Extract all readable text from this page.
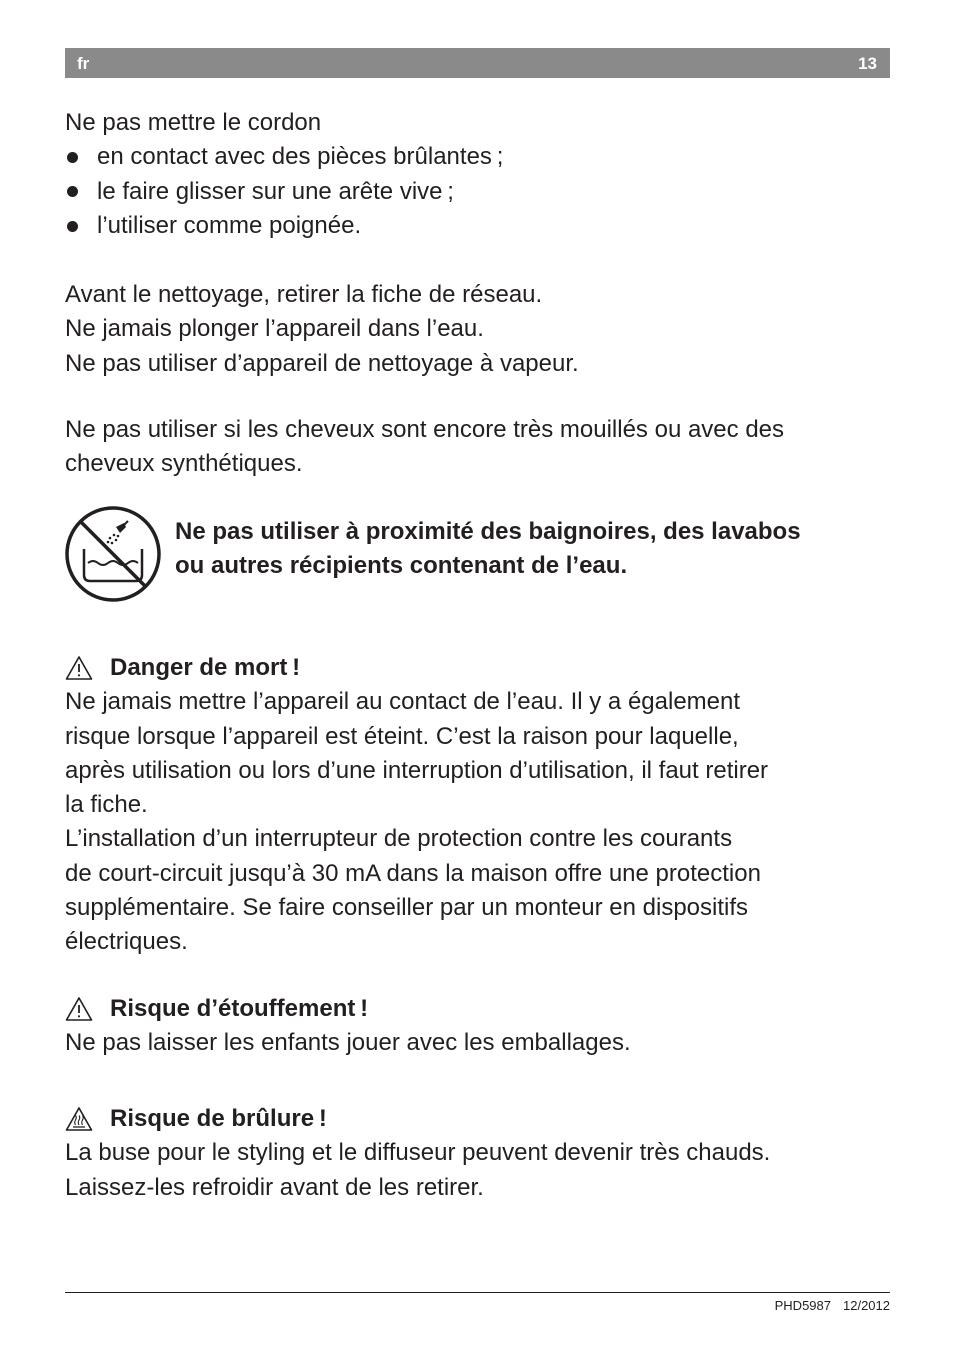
fr	13
Ne pas mettre le cordon
en contact avec des pièces brûlantes ;
le faire glisser sur une arête vive ;
l’utiliser comme poignée.
Avant le nettoyage, retirer la fiche de réseau.
Ne jamais plonger l’appareil dans l’eau.
Ne pas utiliser d’appareil de nettoyage à vapeur.
Ne pas utiliser si les cheveux sont encore très mouillés ou avec des
cheveux synthétiques.
Ne pas utiliser à proximité des baignoires, des lavabos
ou autres récipients contenant de l’eau.
Danger de mort !
Ne jamais mettre l’appareil au contact de l’eau. Il y a également
risque lorsque l’appareil est éteint. C’est la raison pour laquelle,
après utilisation ou lors d’une interruption d’utilisation, il faut retirer
la fiche.
L’installation d’un interrupteur de protection contre les courants
de court-circuit jusqu’à 30 mA dans la maison offre une protection
supplémentaire. Se faire conseiller par un monteur en dispositifs
électriques.
Risque d’étouffement !
Ne pas laisser les enfants jouer avec les emballages.
Risque de brûlure !
La buse pour le styling et le diffuseur peuvent devenir très chauds.
Laissez-les refroidir avant de les retirer.
PHD5987 12/2012
